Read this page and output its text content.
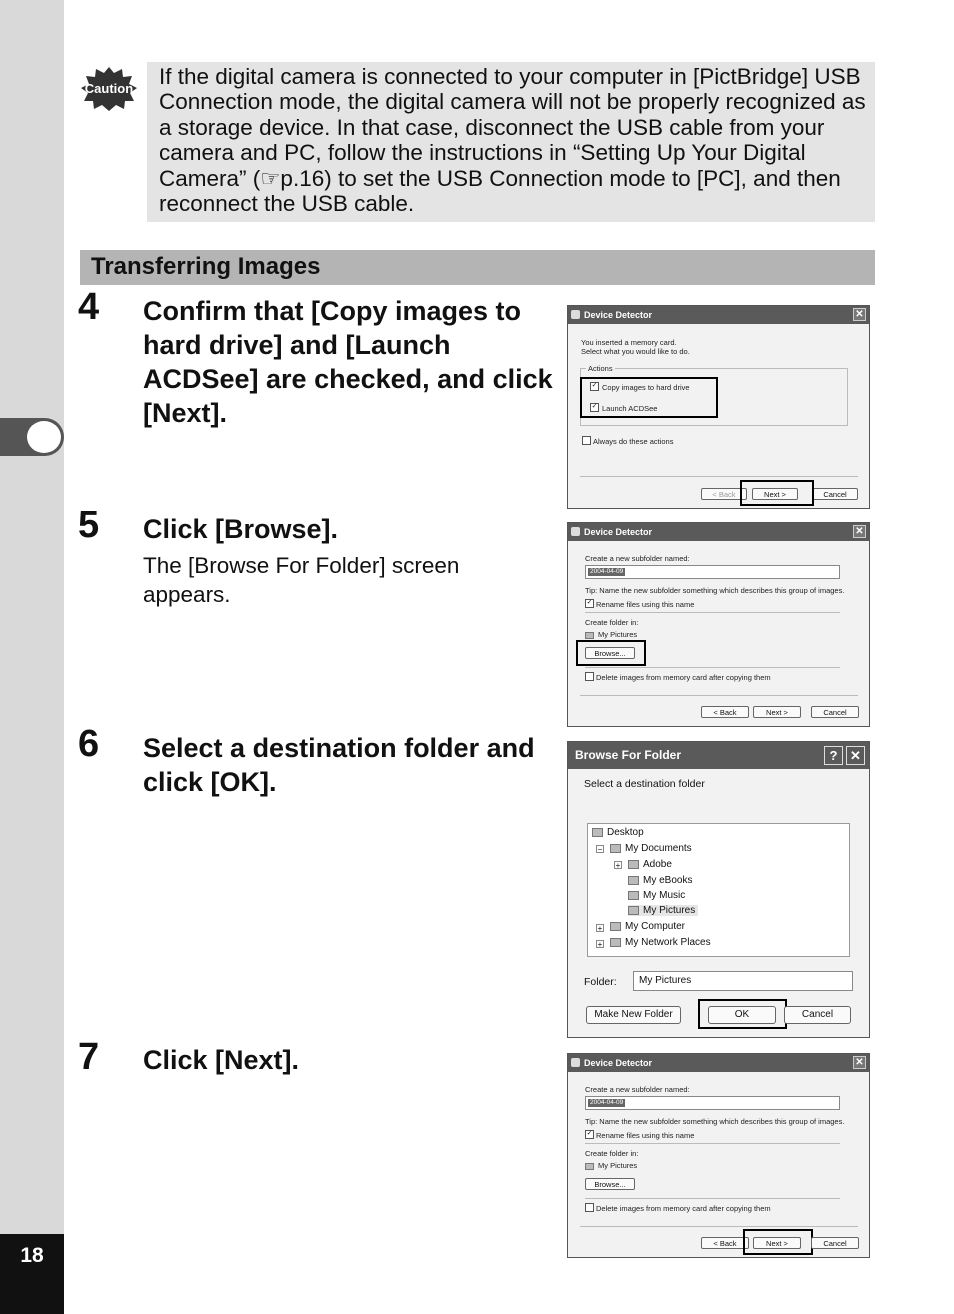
18
Caution If the digital camera is connected to your computer in [PictBridge] USB Connection mode, the digital camera will not be properly recognized as a storage device. In that case, disconnect the USB cable from your camera and PC, follow the instructions in “Setting Up Your Digital Camera” (☞p.16) to set the USB Connection mode to [PC], and then reconnect the USB cable.

Transferring Images
4 Confirm that [Copy images to hard drive] and [Launch ACDSee] are checked, and click [Next].

5 Click [Browse].

The [Browse For Folder] screen appears.

6 Select a destination folder and click [OK].

7 Click [Next].

Device Detector	✕
You inserted a memory card.
Select what you would like to do.
Actions
✓ Copy images to hard drive
✓ Launch ACDSee
Always do these actions
< Back	Next >	Cancel
Device Detector	✕
Create a new subfolder named:
2004-04-09
Tip: Name the new subfolder something which describes this group of images.
✓ Rename files using this name
Create folder in:
My Pictures
Browse...
Delete images from memory card after copying them
< Back	Next >	Cancel
Browse For Folder	? ✕
Select a destination folder
Desktop
−	My Documents
+	Adobe
My eBooks
My Music
My Pictures
+	My Computer
+	My Network Places
Folder:	My Pictures
Make New Folder	OK	Cancel
Device Detector	✕
Create a new subfolder named:
2004-04-09
Tip: Name the new subfolder something which describes this group of images.
✓ Rename files using this name
Create folder in:
My Pictures
Browse...
Delete images from memory card after copying them
< Back	Next >	Cancel
